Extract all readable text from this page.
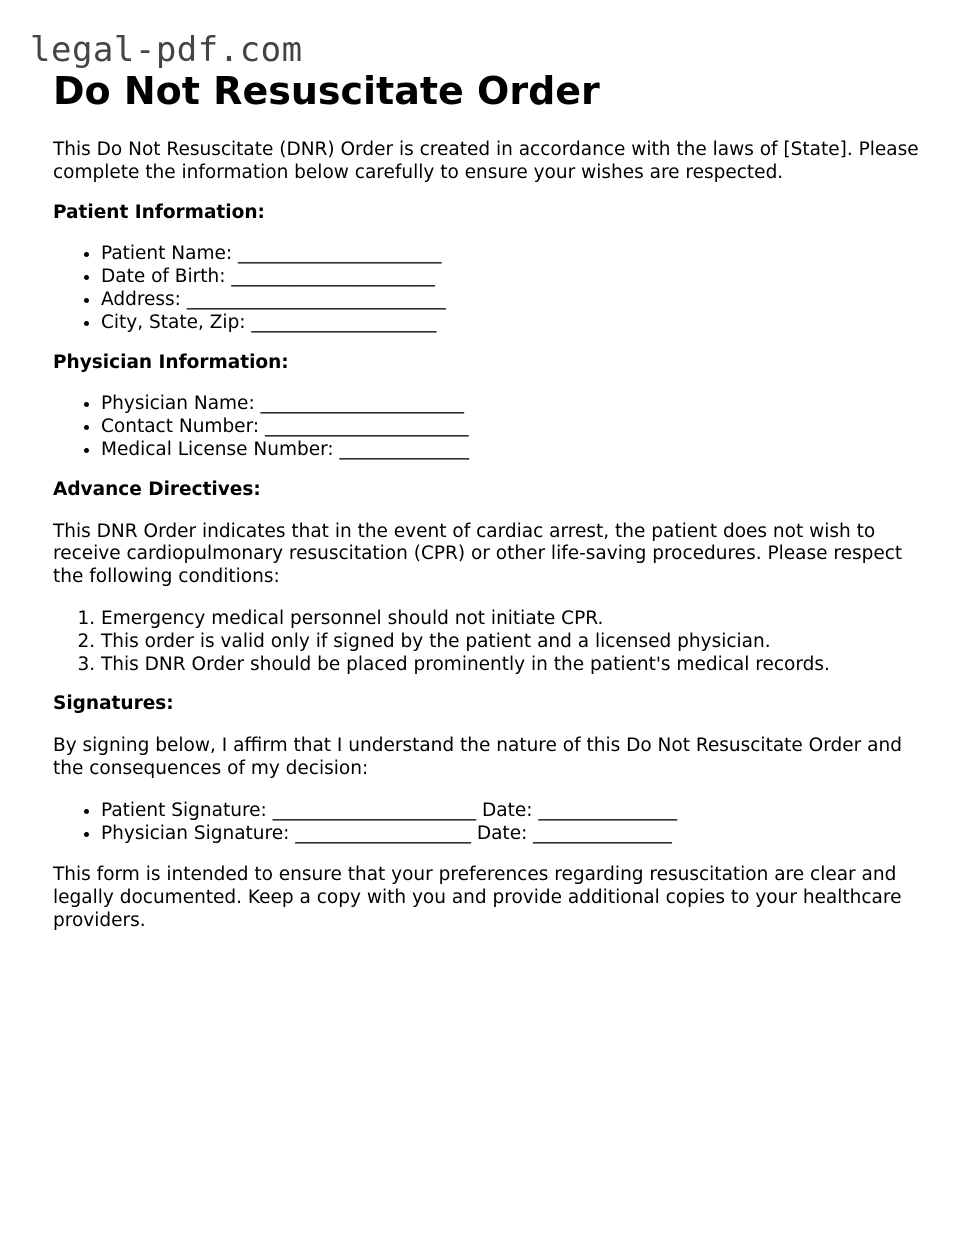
legal-pdf.com
Do Not Resuscitate Order

This Do Not Resuscitate (DNR) Order is created in accordance with the laws of [State]. Please complete the information below carefully to ensure your wishes are respected.

Patient Information:
• Patient Name: ______________________
• Date of Birth: ______________________
• Address: ____________________________
• City, State, Zip: ____________________
Physician Information:
• Physician Name: ______________________
• Contact Number: ______________________
• Medical License Number: ______________
Advance Directives:

This DNR Order indicates that in the event of cardiac arrest, the patient does not wish to receive cardiopulmonary resuscitation (CPR) or other life-saving procedures. Please respect the following conditions:

1. Emergency medical personnel should not initiate CPR.
2. This order is valid only if signed by the patient and a licensed physician.
3. This DNR Order should be placed prominently in the patient's medical records.
Signatures:

By signing below, I affirm that I understand the nature of this Do Not Resuscitate Order and the consequences of my decision:

• Patient Signature: ______________________ Date: _______________
• Physician Signature: ___________________ Date: _______________

This form is intended to ensure that your preferences regarding resuscitation are clear and legally documented. Keep a copy with you and provide additional copies to your healthcare providers.
